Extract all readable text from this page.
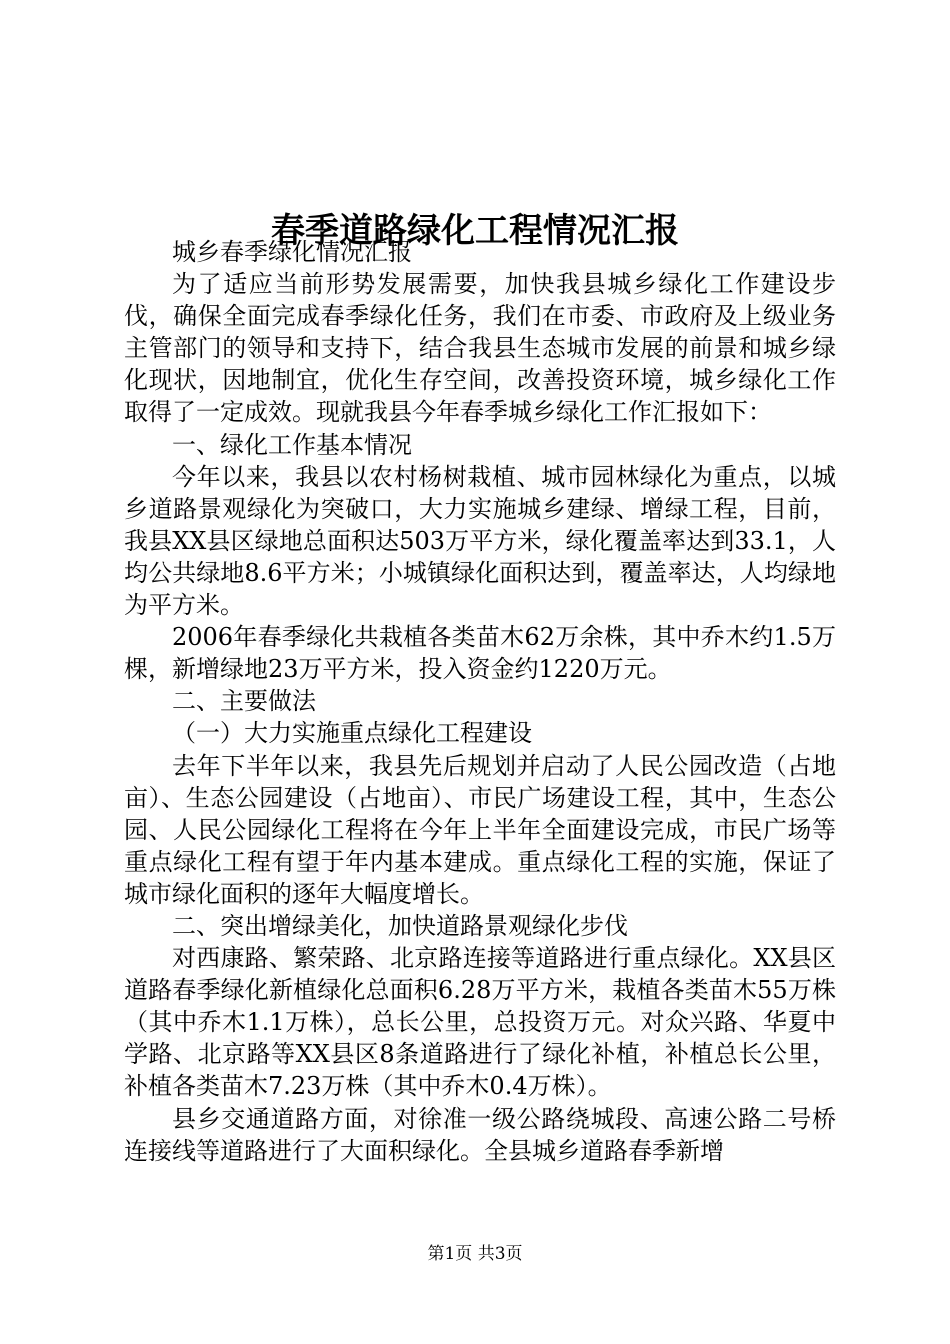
春季道路绿化工程情况汇报

城乡春季绿化情况汇报

为了适应当前形势发展需要，加快我县城乡绿化工作建设步伐，确保全面完成春季绿化任务，我们在市委、市政府及上级业务主管部门的领导和支持下，结合我县生态城市发展的前景和城乡绿化现状，因地制宜，优化生存空间，改善投资环境，城乡绿化工作取得了一定成效。现就我县今年春季城乡绿化工作汇报如下：

一、绿化工作基本情况

今年以来，我县以农村杨树栽植、城市园林绿化为重点，以城乡道路景观绿化为突破口，大力实施城乡建绿、增绿工程，目前，我县XX县区绿地总面积达503万平方米，绿化覆盖率达到33.1，人均公共绿地8.6平方米；小城镇绿化面积达到，覆盖率达，人均绿地为平方米。

2006年春季绿化共栽植各类苗木62万余株，其中乔木约1.5万棵，新增绿地23万平方米，投入资金约1220万元。

二、主要做法

（一）大力实施重点绿化工程建设

去年下半年以来，我县先后规划并启动了人民公园改造（占地亩）、生态公园建设（占地亩）、市民广场建设工程，其中，生态公园、人民公园绿化工程将在今年上半年全面建设完成，市民广场等重点绿化工程有望于年内基本建成。重点绿化工程的实施，保证了城市绿化面积的逐年大幅度增长。

二、突出增绿美化，加快道路景观绿化步伐

对西康路、繁荣路、北京路连接等道路进行重点绿化。XX县区道路春季绿化新植绿化总面积6.28万平方米，栽植各类苗木55万株（其中乔木1.1万株），总长公里，总投资万元。对众兴路、华夏中学路、北京路等XX县区8条道路进行了绿化补植，补植总长公里，补植各类苗木7.23万株（其中乔木0.4万株）。

县乡交通道路方面，对徐准一级公路绕城段、高速公路二号桥连接线等道路进行了大面积绿化。全县城乡道路春季新增

第1页 共3页
